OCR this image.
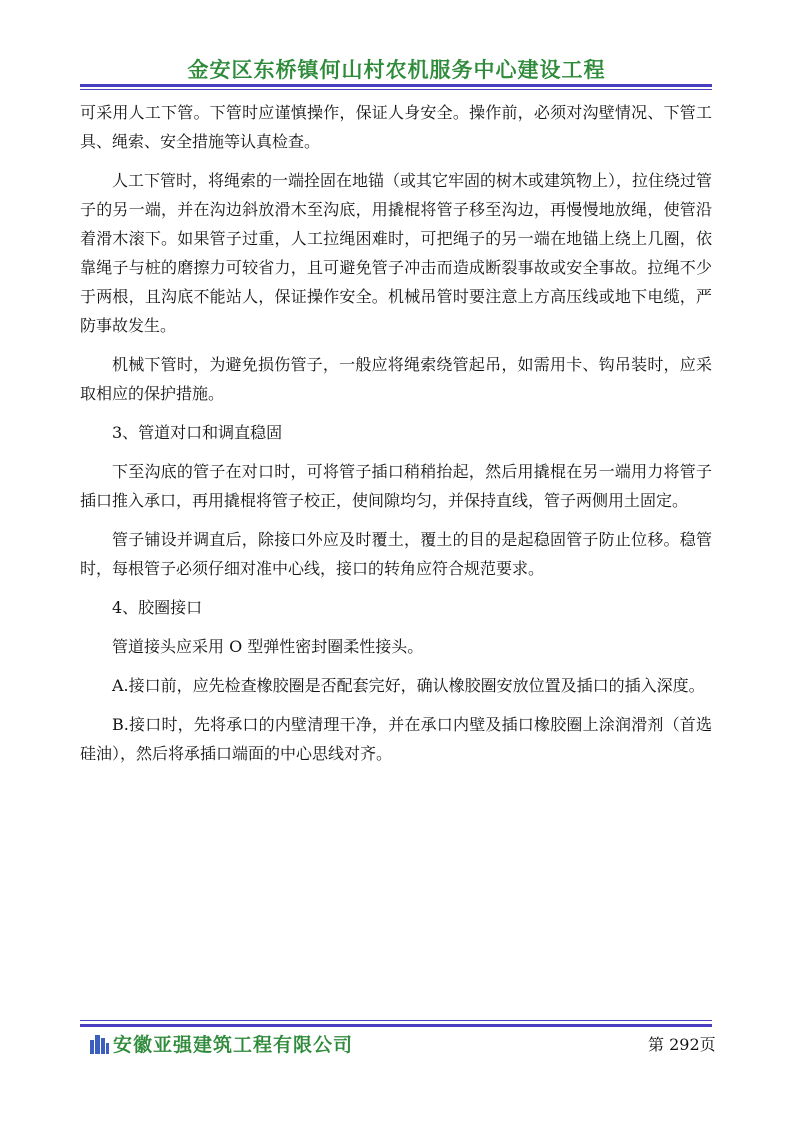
金安区东桥镇何山村农机服务中心建设工程

可采用人工下管。下管时应谨慎操作，保证人身安全。操作前，必须对沟壁情况、下管工具、绳索、安全措施等认真检查。

人工下管时，将绳索的一端拴固在地锚（或其它牢固的树木或建筑物上），拉住绕过管子的另一端，并在沟边斜放滑木至沟底，用撬棍将管子移至沟边，再慢慢地放绳，使管沿着滑木滚下。如果管子过重，人工拉绳困难时，可把绳子的另一端在地锚上绕上几圈，依靠绳子与桩的磨擦力可较省力，且可避免管子冲击而造成断裂事故或安全事故。拉绳不少于两根，且沟底不能站人，保证操作安全。机械吊管时要注意上方高压线或地下电缆，严防事故发生。

机械下管时，为避免损伤管子，一般应将绳索绕管起吊，如需用卡、钩吊装时，应采取相应的保护措施。

3、管道对口和调直稳固

下至沟底的管子在对口时，可将管子插口稍稍抬起，然后用撬棍在另一端用力将管子插口推入承口，再用撬棍将管子校正，使间隙均匀，并保持直线，管子两侧用土固定。

管子铺设并调直后，除接口外应及时覆土，覆土的目的是起稳固管子防止位移。稳管时，每根管子必须仔细对准中心线，接口的转角应符合规范要求。

4、胶圈接口

管道接头应采用 O 型弹性密封圈柔性接头。

A.接口前，应先检查橡胶圈是否配套完好，确认橡胶圈安放位置及插口的插入深度。

B.接口时，先将承口的内壁清理干净，并在承口内壁及插口橡胶圈上涂润滑剂（首选硅油），然后将承插口端面的中心思线对齐。

安徽亚强建筑工程有限公司	第 292页
